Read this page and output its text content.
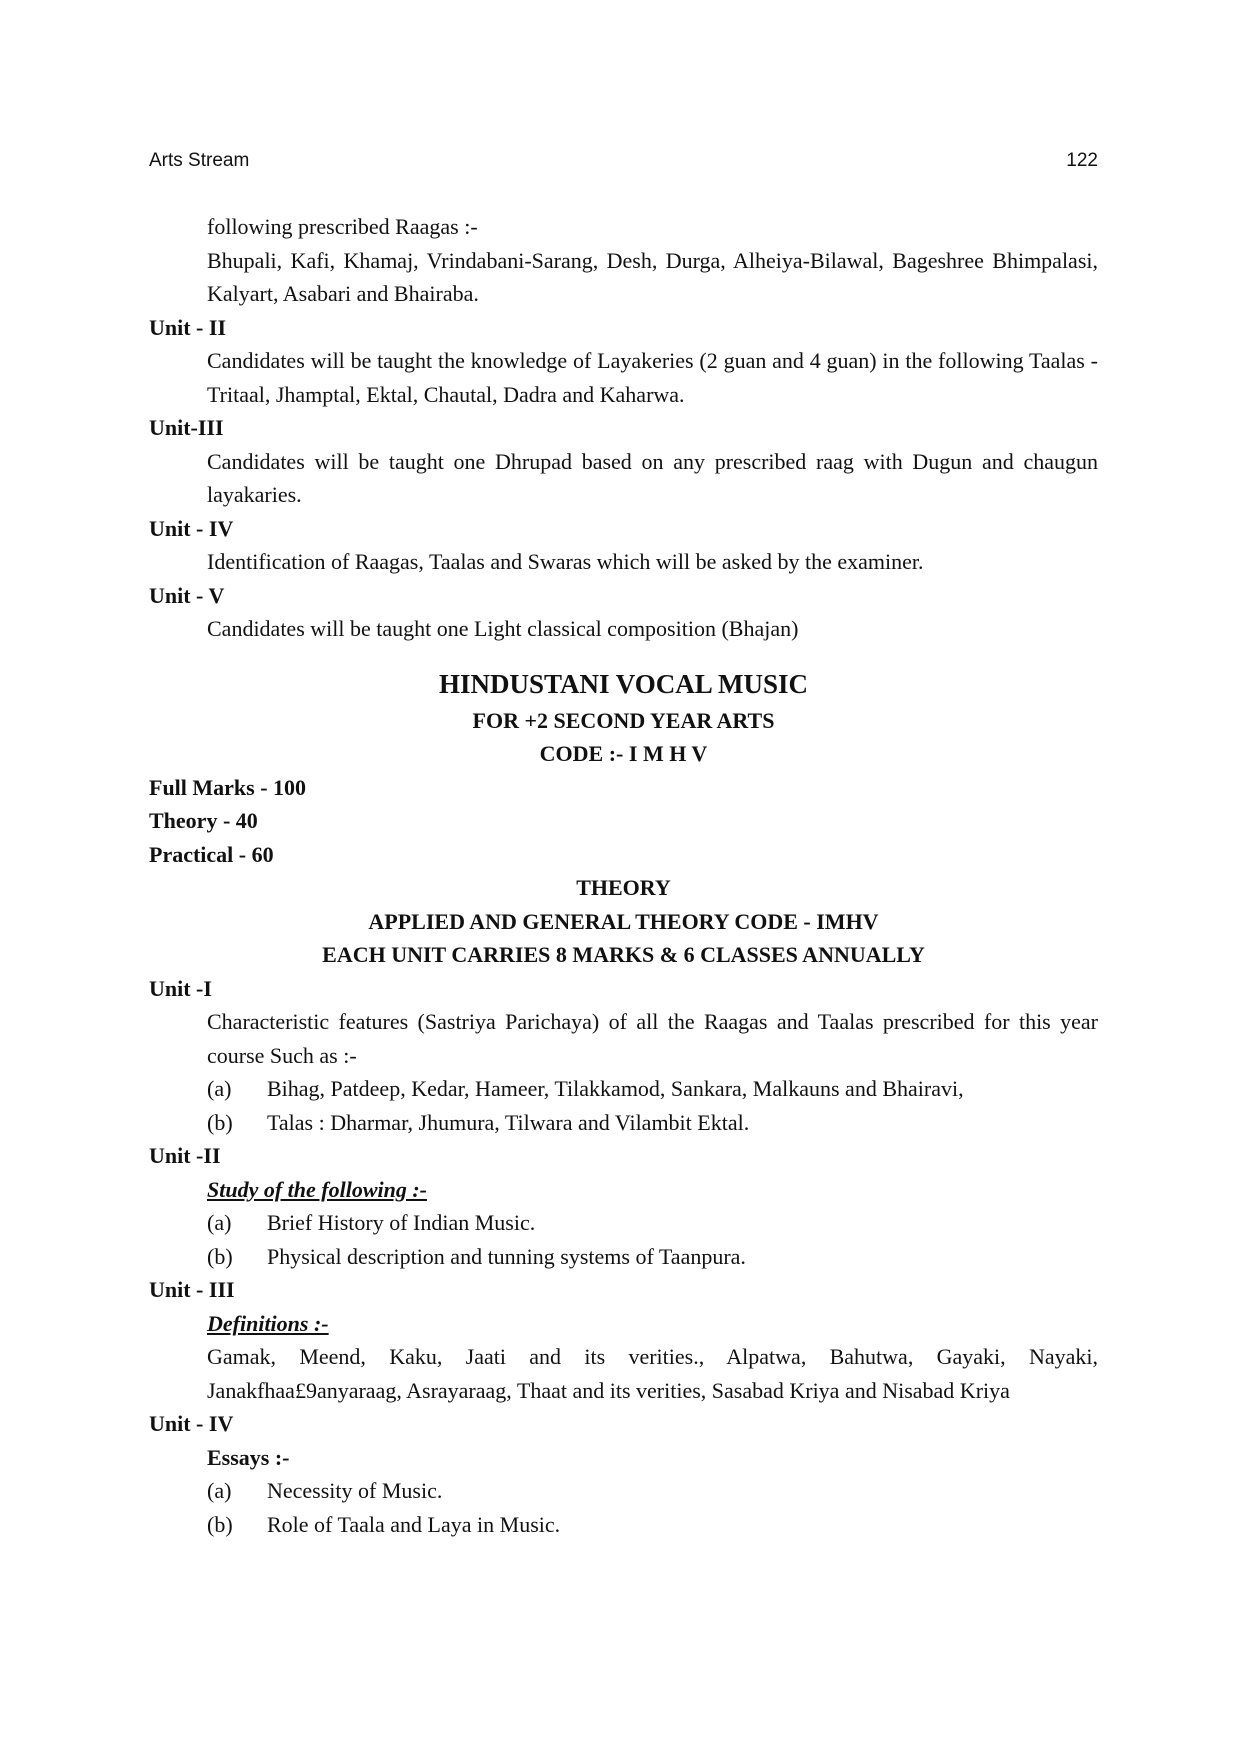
Arts Stream	122

following prescribed Raagas :-

Bhupali, Kafi, Khamaj, Vrindabani-Sarang, Desh, Durga, Alheiya-Bilawal, Bageshree Bhimpalasi, Kalyart, Asabari and Bhairaba.

Unit - II

Candidates will be taught the knowledge of Layakeries (2 guan and 4 guan) in the following Taalas - Tritaal, Jhamptal, Ektal, Chautal, Dadra and Kaharwa.

Unit-III

Candidates will be taught one Dhrupad based on any prescribed raag with Dugun and chaugun layakaries.

Unit - IV

Identification of Raagas, Taalas and Swaras which will be asked by the examiner.

Unit - V

Candidates will be taught one Light classical composition (Bhajan)

HINDUSTANI VOCAL MUSIC

FOR +2 SECOND YEAR ARTS

CODE :- I M H V

Full Marks - 100

Theory - 40

Practical - 60

THEORY

APPLIED AND GENERAL THEORY CODE - IMHV

EACH UNIT CARRIES 8 MARKS & 6 CLASSES ANNUALLY

Unit -I

Characteristic features (Sastriya Parichaya) of all the Raagas and Taalas prescribed for this year course Such as :-

(a)	Bihag, Patdeep, Kedar, Hameer, Tilakkamod, Sankara, Malkauns and Bhairavi,
(b)	Talas : Dharmar, Jhumura, Tilwara and Vilambit Ektal.

Unit -II

Study of the following :-

(a)	Brief History of Indian Music.
(b)	Physical description and tunning systems of Taanpura.

Unit - III

Definitions :-

Gamak, Meend, Kaku, Jaati and its verities., Alpatwa, Bahutwa, Gayaki, Nayaki,

Janakfhaa£9anyaraag, Asrayaraag, Thaat and its verities, Sasabad Kriya and Nisabad Kriya

Unit - IV

Essays :-

(a)	Necessity of Music.
(b)	Role of Taala and Laya in Music.
